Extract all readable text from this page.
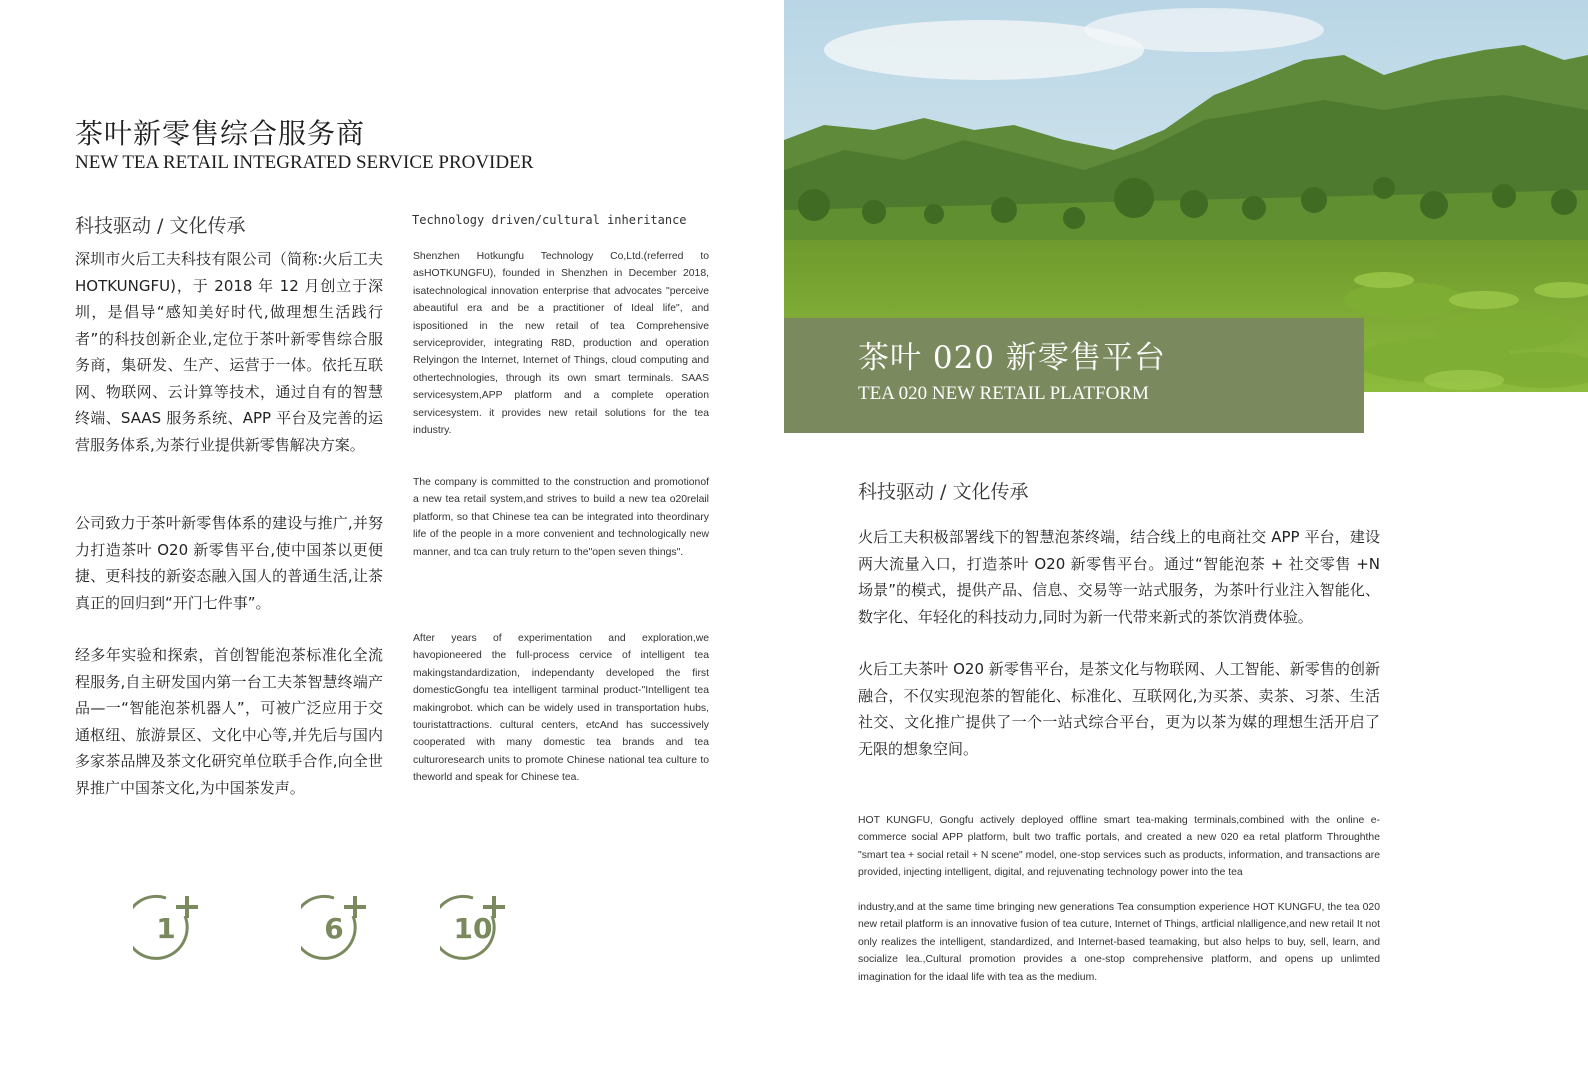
茶叶新零售综合服务商
NEW TEA RETAIL INTEGRATED SERVICE PROVIDER
科技驱动 / 文化传承	Technology driven/cultural inheritance
深圳市火后工夫科技有限公司（简称:火后工夫 HOTKUNGFU)，于 2018 年 12 月创立于深圳，是倡导“感知美好时代,做理想生活践行者”的科技创新企业,定位于茶叶新零售综合服务商，集研发、生产、运营于一体。依托互联网、物联网、云计算等技术，通过自有的智慧终端、SAAS 服务系统、APP 平台及完善的运营服务体系,为茶行业提供新零售解决方案。
公司致力于茶叶新零售体系的建设与推广,并努力打造茶叶 O20 新零售平台,使中国茶以更便捷、更科技的新姿态融入国人的普通生活,让茶真正的回归到“开门七件事”。
经多年实验和探索，首创智能泡茶标准化全流程服务,自主研发国内第一台工夫茶智慧终端产品—一“智能泡茶机器人”，可被广泛应用于交通枢纽、旅游景区、文化中心等,并先后与国内多家茶品牌及茶文化研究单位联手合作,向全世界推广中国茶文化,为中国茶发声。
Shenzhen Hotkungfu Technology Co,Ltd.(referred to asHOTKUNGFU), founded in Shenzhen in December 2018, isatechnological innovation enterprise that advocates "perceive abeautiful era and be a practitioner of Ideal life", and ispositioned in the new retail of tea Comprehensive serviceprovider, integrating R8D, production and operation Relyingon the Internet, Internet of Things, cloud computing and othertechnologies, through its own smart terminals. SAAS servicesystem,APP platform and a complete operation servicesystem. it provides new retail solutions for the tea industry.
The company is committed to the construction and promotionof a new tea retail system,and strives to build a new tea o20relail platform, so that Chinese tea can be integrated into theordinary life of the people in a more convenient and technologically new manner, and tca can truly return to the"open seven things".
After years of experimentation and exploration,we havopioneered the full-process cervice of intelligent tea makingstandardization, independanty developed the first domesticGongfu tea intelligent tarminal product-"Intelligent tea makingrobot. which can be widely used in transportation hubs, touristattractions. cultural centers, etcAnd has successively cooperated with many domestic tea brands and tea culturoresearch units to promote Chinese national tea culture to theworld and speak for Chinese tea.
1	6	10
茶叶 020 新零售平台
TEA 020 NEW RETAIL PLATFORM
科技驱动 / 文化传承
火后工夫积极部署线下的智慧泡茶终端，结合线上的电商社交 APP 平台，建设两大流量入口，打造茶叶 O20 新零售平台。通过“智能泡茶 + 社交零售 +N 场景”的模式，提供产品、信息、交易等一站式服务，为茶叶行业注入智能化、数字化、年轻化的科技动力,同时为新一代带来新式的茶饮消费体验。
火后工夫茶叶 O20 新零售平台，是茶文化与物联网、人工智能、新零售的创新融合，不仅实现泡茶的智能化、标准化、互联网化,为买茶、卖茶、习茶、生活社交、文化推广提供了一个一站式综合平台，更为以茶为媒的理想生活开启了无限的想象空间。
HOT KUNGFU, Gongfu actively deployed offline smart tea-making terminals,combined with the online e-commerce social APP platform, bult two traffic portals, and created a new 020 ea retal platform Throughthe "smart tea + social retail + N scene" model, one-stop services such as products, information, and transactions are provided, injecting intelligent, digital, and rejuvenating technology power into the tea
industry,and at the same time bringing new generations Tea consumption experience HOT KUNGFU, the tea 020 new retail platform is an innovative fusion of tea cuture, Internet of Things, artficial nlalligence,and new retail It not only realizes the intelligent, standardized, and Internet-based teamaking, but also helps to buy, sell, learn, and socialize lea.,Cultural promotion provides a one-stop comprehensive platform, and opens up unlimted imagination for the idaal life with tea as the medium.
